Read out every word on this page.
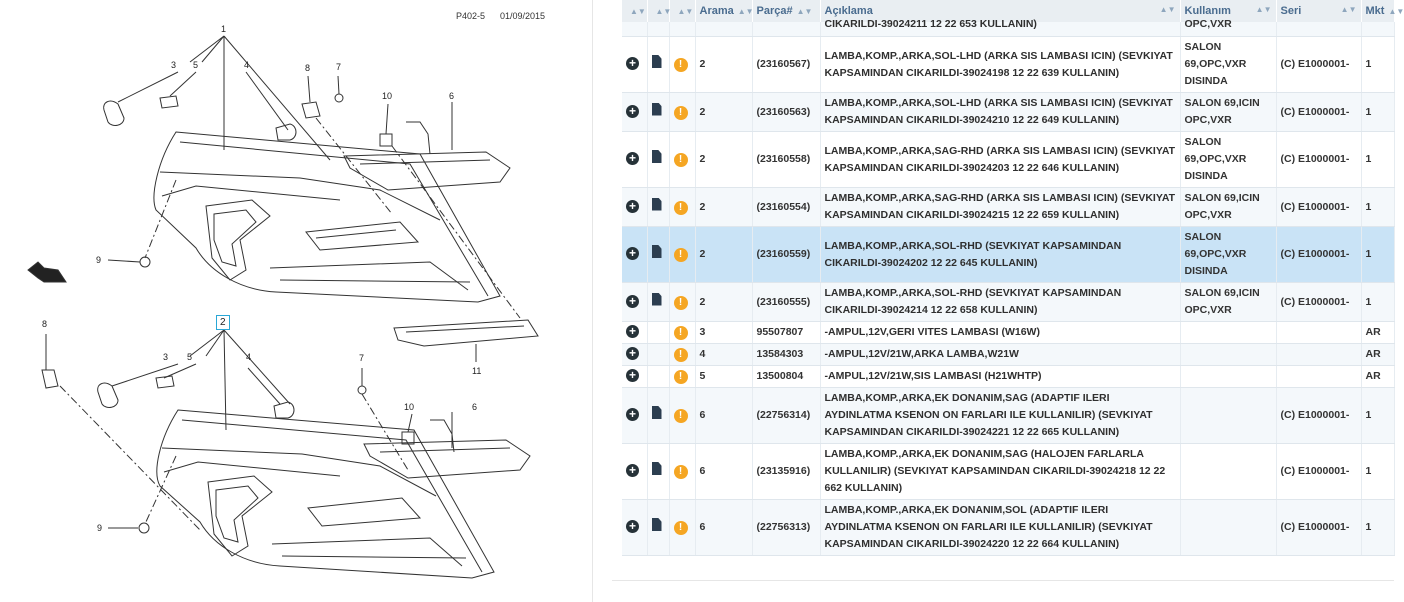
P402-5 01/09/2015
1
3 5	4	8	7
10	6
9
2
8
3 5	4	7
10	6
11
9
▲▼	▲▼	▲▼	Arama ▲▼	Parça# ▲▼	Açıklama ▲▼	Kullanım ▲▼	Seri ▲▼	Mkt ▲▼

					CIKARILDI-39024211 12 22 653 KULLANIN)	OPC,VXR		

+		!	2	(23160567)	LAMBA,KOMP.,ARKA,SOL-LHD (ARKA SIS LAMBASI ICIN) (SEVKIYAT KAPSAMINDAN CIKARILDI-39024198 12 22 639 KULLANIN)	SALON 69,OPC,VXR DISINDA	(C) E1000001-	1
+		!	2	(23160563)	LAMBA,KOMP.,ARKA,SOL-LHD (ARKA SIS LAMBASI ICIN) (SEVKIYAT KAPSAMINDAN CIKARILDI-39024210 12 22 649 KULLANIN)	SALON 69,ICIN OPC,VXR	(C) E1000001-	1
+		!	2	(23160558)	LAMBA,KOMP.,ARKA,SAG-RHD (ARKA SIS LAMBASI ICIN) (SEVKIYAT KAPSAMINDAN CIKARILDI-39024203 12 22 646 KULLANIN)	SALON 69,OPC,VXR DISINDA	(C) E1000001-	1
+		!	2	(23160554)	LAMBA,KOMP.,ARKA,SAG-RHD (ARKA SIS LAMBASI ICIN) (SEVKIYAT KAPSAMINDAN CIKARILDI-39024215 12 22 659 KULLANIN)	SALON 69,ICIN OPC,VXR	(C) E1000001-	1
+		!	2	(23160559)	LAMBA,KOMP.,ARKA,SOL-RHD (SEVKIYAT KAPSAMINDAN CIKARILDI-39024202 12 22 645 KULLANIN)	SALON 69,OPC,VXR DISINDA	(C) E1000001-	1
+		!	2	(23160555)	LAMBA,KOMP.,ARKA,SOL-RHD (SEVKIYAT KAPSAMINDAN CIKARILDI-39024214 12 22 658 KULLANIN)	SALON 69,ICIN OPC,VXR	(C) E1000001-	1
+		!	3	95507807	-AMPUL,12V,GERI VITES LAMBASI (W16W)			AR
+		!	4	13584303	-AMPUL,12V/21W,ARKA LAMBA,W21W			AR
+		!	5	13500804	-AMPUL,12V/21W,SIS LAMBASI (H21WHTP)			AR
+		!	6	(22756314)	LAMBA,KOMP.,ARKA,EK DONANIM,SAG (ADAPTIF ILERI AYDINLATMA KSENON ON FARLARI ILE KULLANILIR) (SEVKIYAT KAPSAMINDAN CIKARILDI-39024221 12 22 665 KULLANIN)		(C) E1000001-	1
+		!	6	(23135916)	LAMBA,KOMP.,ARKA,EK DONANIM,SAG (HALOJEN FARLARLA KULLANILIR) (SEVKIYAT KAPSAMINDAN CIKARILDI-39024218 12 22 662 KULLANIN)		(C) E1000001-	1
+		!	6	(22756313)	LAMBA,KOMP.,ARKA,EK DONANIM,SOL (ADAPTIF ILERI AYDINLATMA KSENON ON FARLARI ILE KULLANILIR) (SEVKIYAT KAPSAMINDAN CIKARILDI-39024220 12 22 664 KULLANIN)		(C) E1000001-	1
